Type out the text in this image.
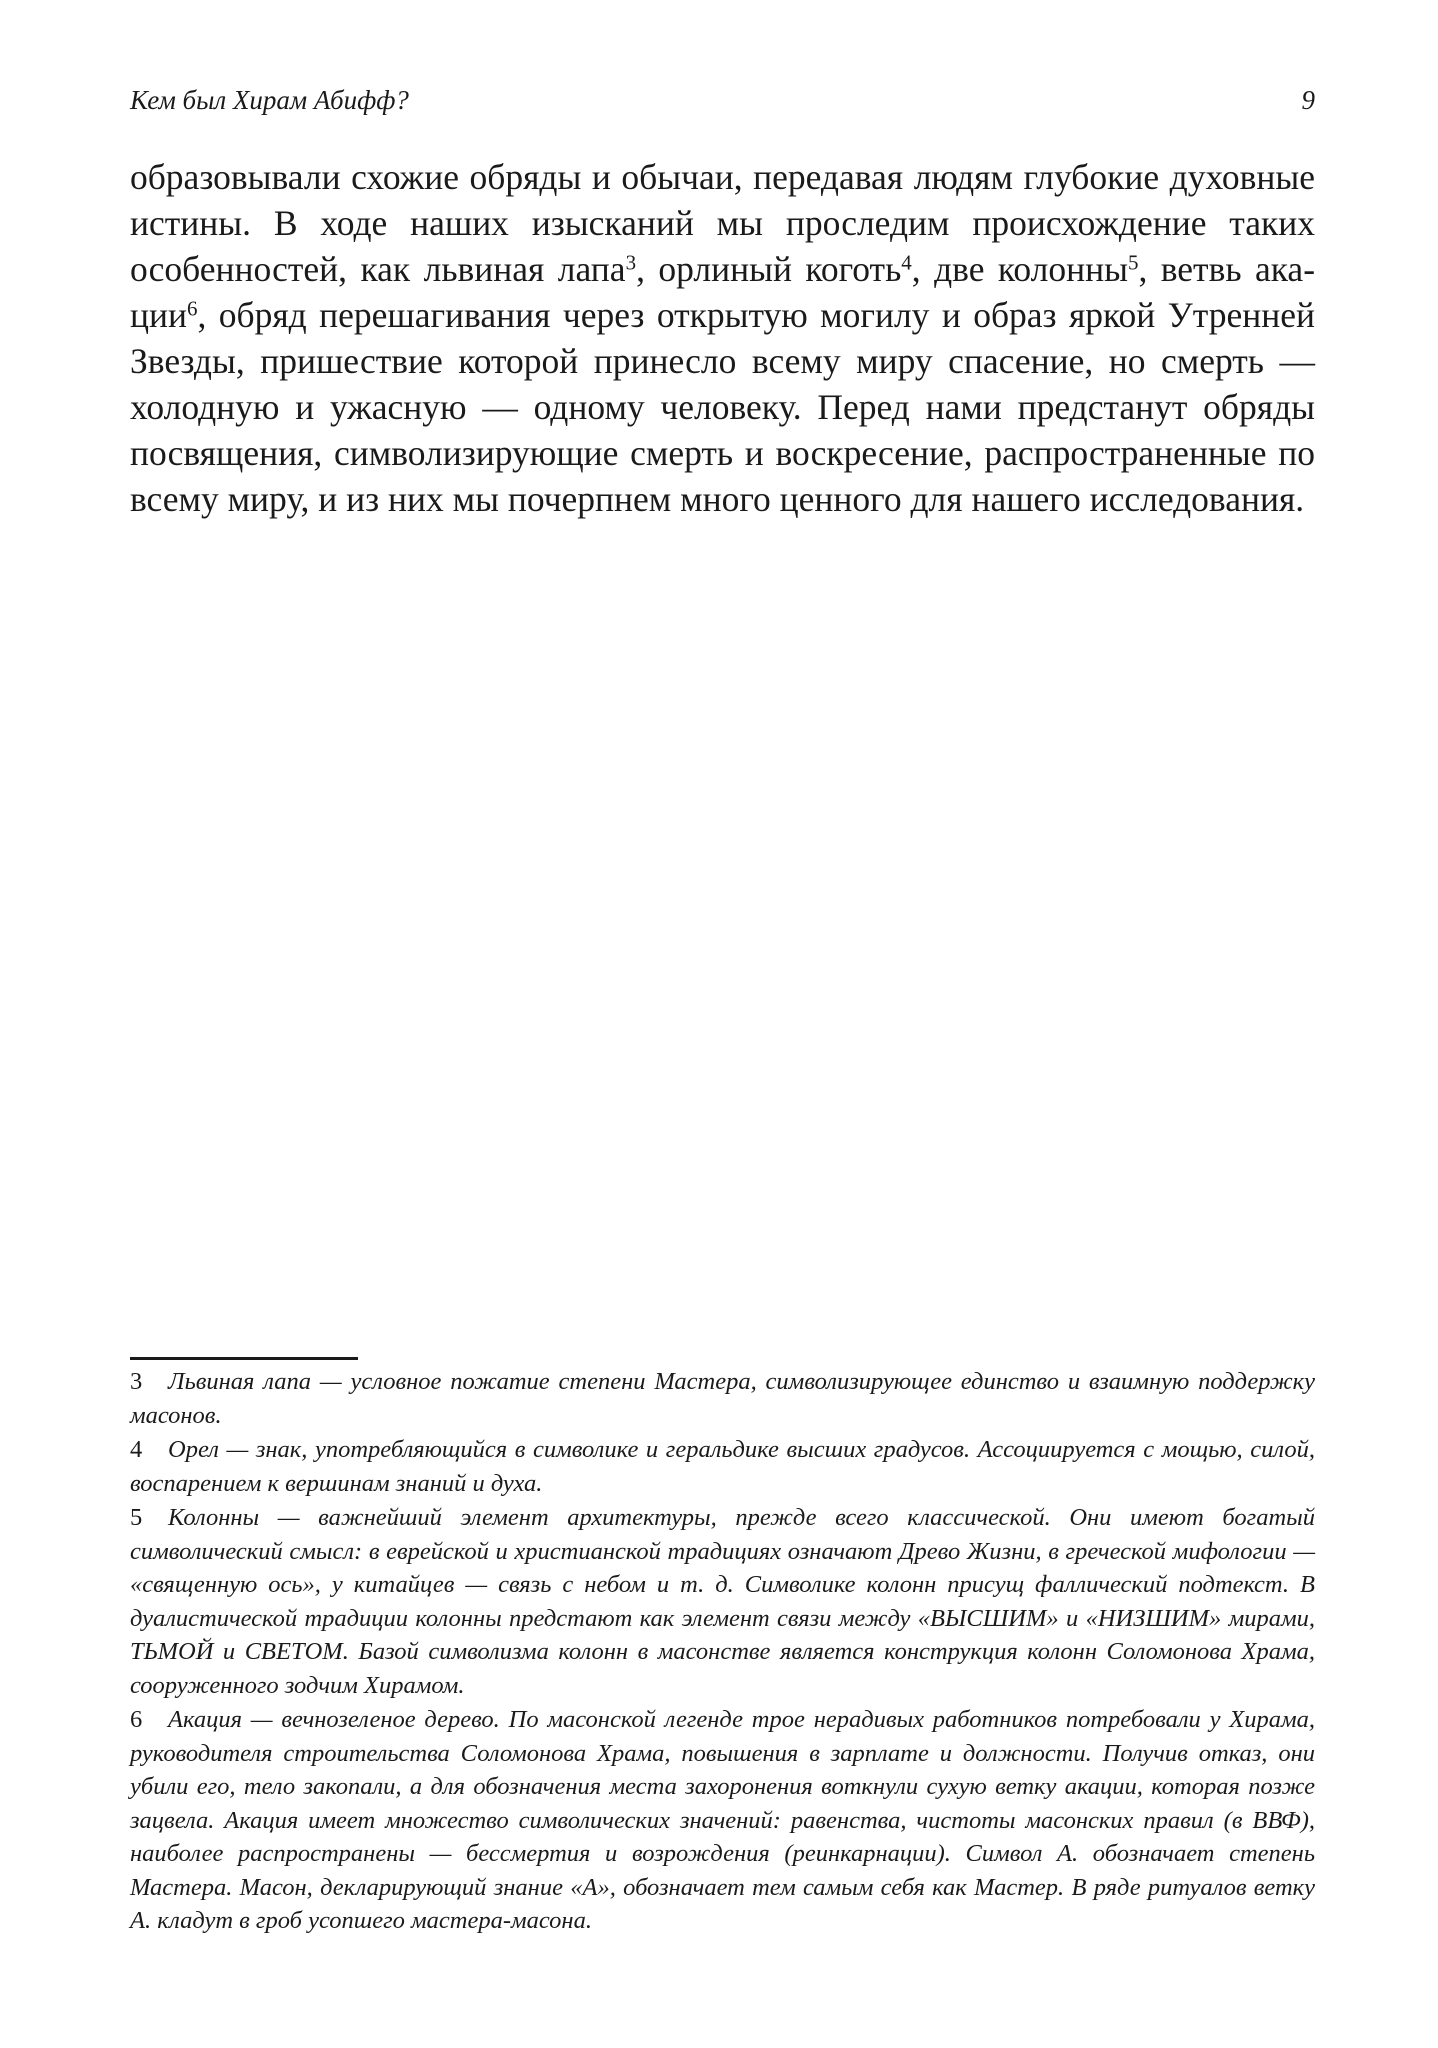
Кем был Хирам Абифф?	9

образовывали схожие обряды и обычаи, передавая людям глубокие духовные истины. В ходе наших изысканий мы проследим происхождение таких особенностей, как львиная лапа$^3$, орлиный коготь$^4$, две колонны$^5$, ветвь акации$^6$, обряд перешагивания через открытую могилу и образ яркой Утренней Звезды, пришествие которой принесло всему миру спасение, но смерть — холодную и ужасную — одному человеку. Перед нами предстанут обряды посвящения, символизирующие смерть и воскресение, распространенные по всему миру, и из них мы почерпнем много ценного для нашего исследования.

3 Львиная лапа — условное пожатие степени Мастера, символизирующее единство и взаимную поддержку масонов.
4 Орел — знак, употребляющийся в символике и геральдике высших градусов. Ассоциируется с мощью, силой, воспарением к вершинам знаний и духа.
5 Колонны — важнейший элемент архитектуры, прежде всего классической. Они имеют богатый символический смысл: в еврейской и христианской традициях означают Древо Жизни, в греческой мифологии — «священную ось», у китайцев — связь с небом и т. д. Символике колонн присущ фаллический подтекст. В дуалистической традиции колонны предстают как элемент связи между «ВЫСШИМ» и «НИЗШИМ» мирами, ТЬМОЙ и СВЕТОМ. Базой символизма колонн в масонстве является конструкция колонн Соломонова Храма, сооруженного зодчим Хирамом.
6 Акация — вечнозеленое дерево. По масонской легенде трое нерадивых работников потребовали у Хирама, руководителя строительства Соломонова Храма, повышения в зарплате и должности. Получив отказ, они убили его, тело закопали, а для обозначения места захоронения воткнули сухую ветку акации, которая позже зацвела. Акация имеет множество символических значений: равенства, чистоты масонских правил (в ВВФ), наиболее распространены — бессмертия и возрождения (реинкарнации). Символ А. обозначает степень Мастера. Масон, декларирующий знание «А», обозначает тем самым себя как Мастер. В ряде ритуалов ветку А. кладут в гроб усопшего мастера-масона.
